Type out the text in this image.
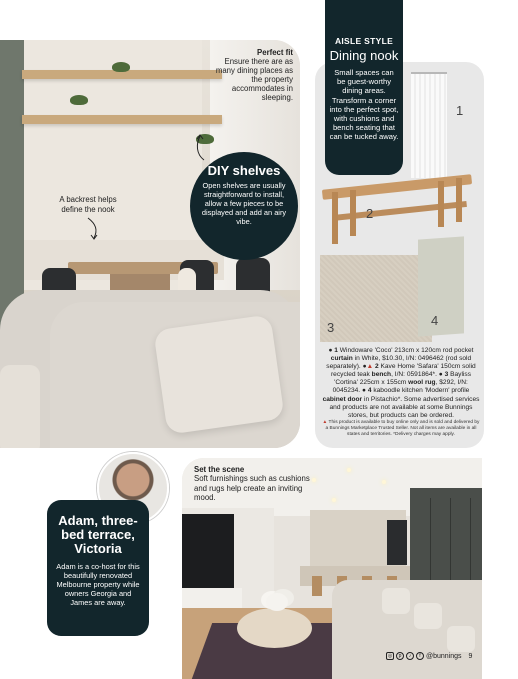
Perfect fit
Ensure there are as many dining places as the property accommodates in sleeping.
A backrest helps define the nook
DIY shelves
Open shelves are usually straightforward to install, allow a few pieces to be displayed and add an airy vibe.
1
2
3	4
AISLE STYLE
Dining nook
Small spaces can be guest-worthy dining areas. Transform a corner into the perfect spot, with cushions and bench seating that can be tucked away.
● 1 Windoware 'Coco' 213cm x 120cm rod pocket curtain in White, $10.30, I/N: 0496462 (rod sold separately). ●▲ 2 Kave Home 'Safara' 150cm solid recycled teak bench, I/N: 0591864*. ● 3 Bayliss 'Cortina' 225cm x 155cm wool rug, $292, I/N: 0045234. ● 4 kaboodle kitchen 'Modern' profile cabinet door in Pistachio*. Some advertised services and products are not available at some Bunnings stores, but products can be ordered.
▲ This product is available to buy online only and is sold and delivered by a Bunnings Marketplace Trusted Seller. Not all items are available in all states and territories. *Delivery charges may apply.
Set the scene
Soft furnishings such as cushions and rugs help create an inviting mood.
Adam, three-bed terrace, Victoria
Adam is a co-host for this beautifully renovated Melbourne property while owners Georgia and James are away.
◎	p	♪	f @bunnings 9
